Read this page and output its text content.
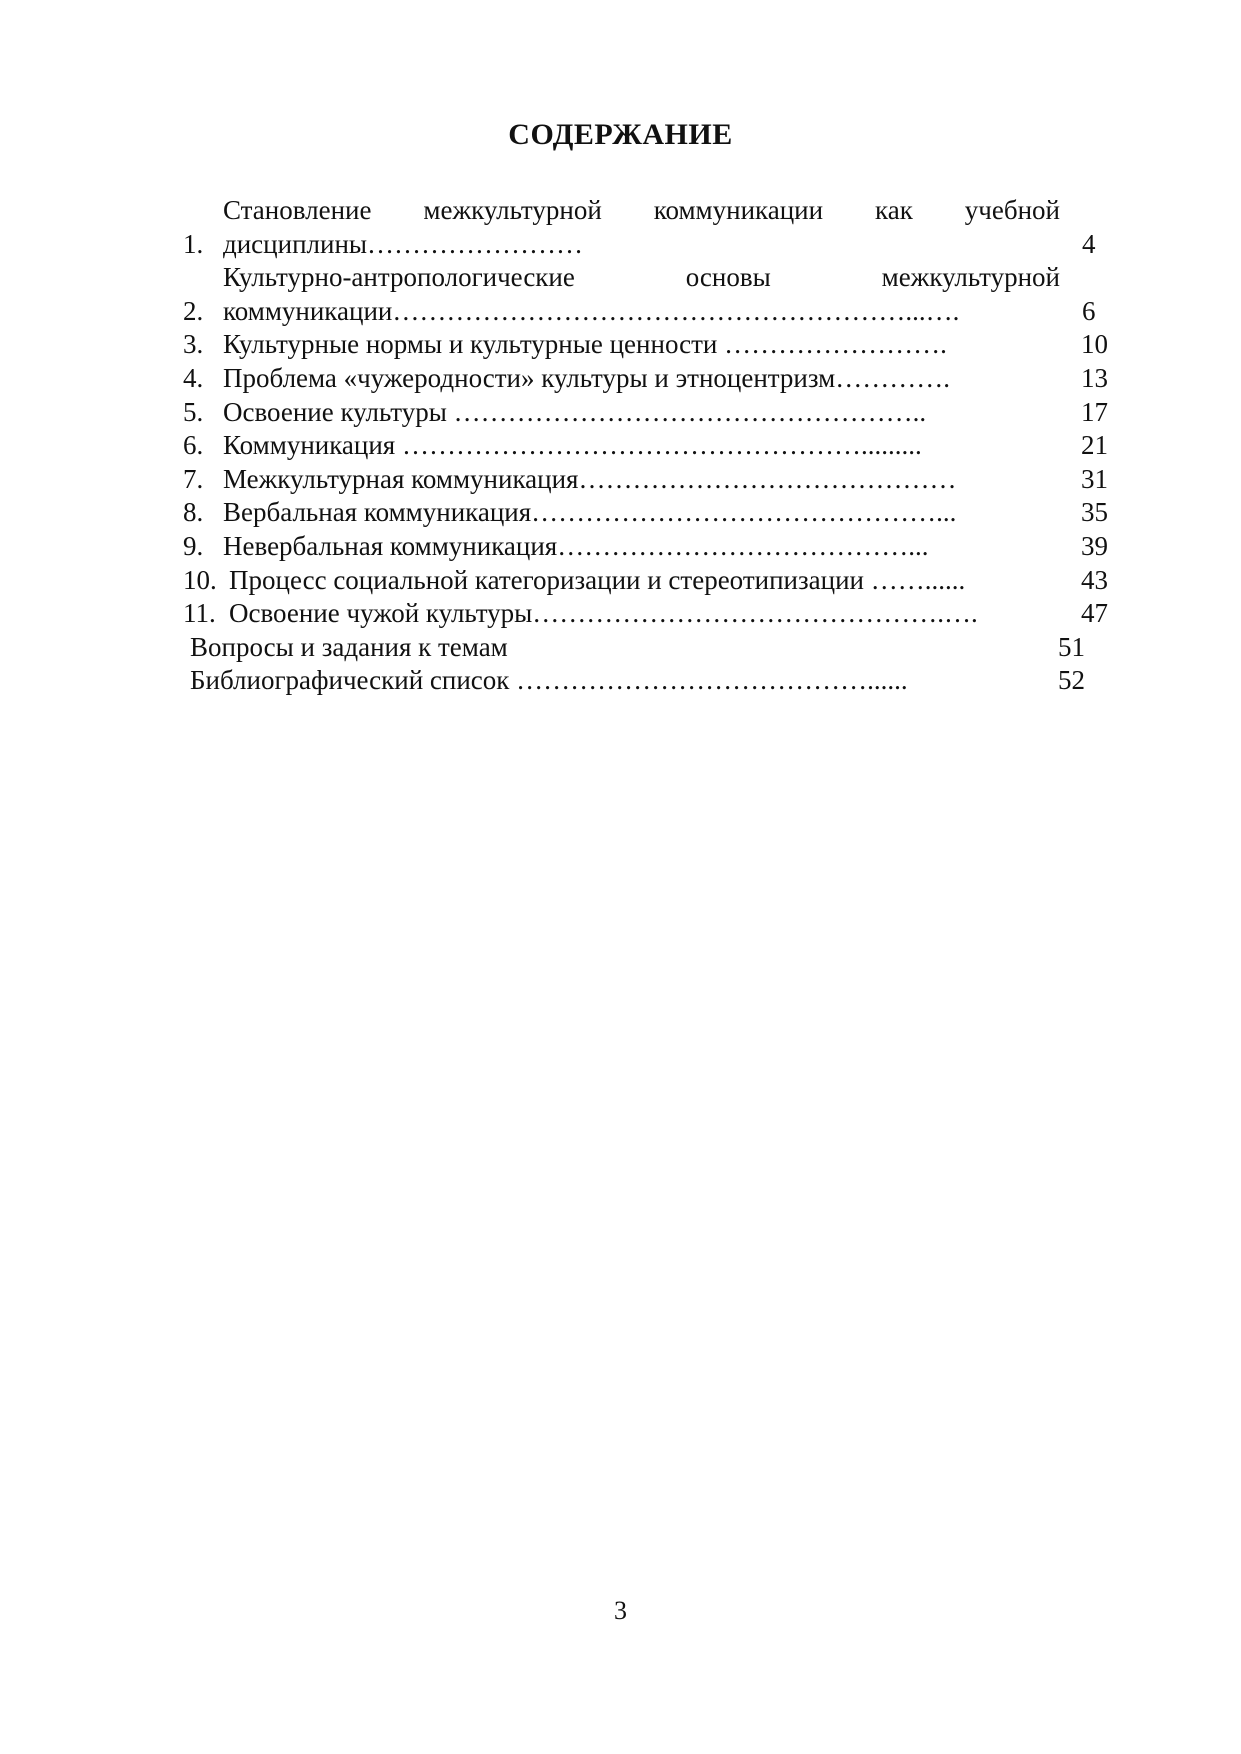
СОДЕРЖАНИЕ
1.
Становление межкультурной коммуникации как учебной
дисциплины……………………	4
2.
Культурно-антропологические основы межкультурной
коммуникации…………………………………………………...….	6
3. Культурные нормы и культурные ценности …………………….	10
4. Проблема «чужеродности» культуры и этноцентризм………….	13
5. Освоение культуры ……………………………………………..	17
6. Коммуникация …………………………………………….........	21
7. Межкультурная коммуникация……………………………………	31
8. Вербальная коммуникация………………………………………...	35
9. Невербальная коммуникация…………………………………...	39
10. Процесс социальной категоризации и стереотипизации ……......	43
11. Освоение чужой культуры……………………………………….….	47
Вопросы и задания к темам	51
Библиографический список …………………………………......	52
3
